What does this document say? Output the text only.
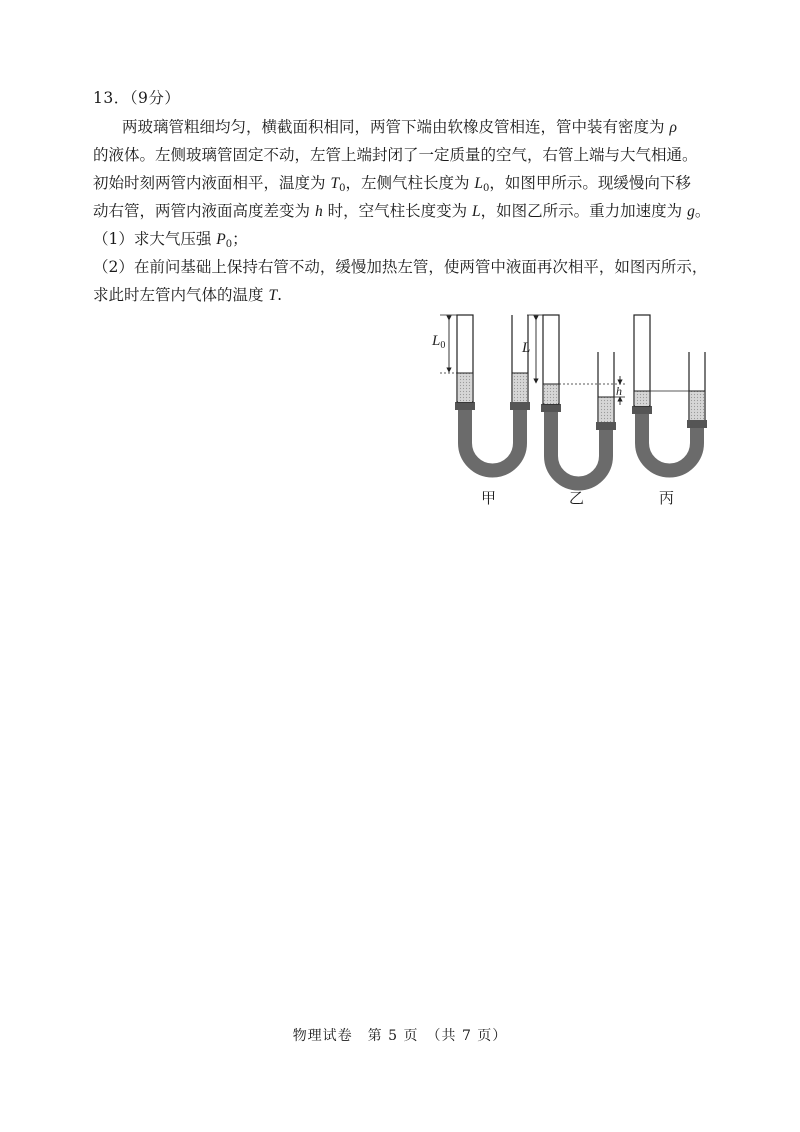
13．（9分）
两玻璃管粗细均匀，横截面积相同，两管下端由软橡皮管相连，管中装有密度为 ρ
的液体。左侧玻璃管固定不动，左管上端封闭了一定质量的空气，右管上端与大气相通。
初始时刻两管内液面相平，温度为 $T_0$，左侧气柱长度为 $L_0$，如图甲所示。现缓慢向下移
动右管，两管内液面高度差变为 h 时，空气柱长度变为 L，如图乙所示。重力加速度为 g。
（1）求大气压强 $P_0$；
（2）在前问基础上保持右管不动，缓慢加热左管，使两管中液面再次相平，如图丙所示，
求此时左管内气体的温度 T.
$L_0$	L
h
甲	乙	丙
物理试卷　第 5 页　（共 7 页）
